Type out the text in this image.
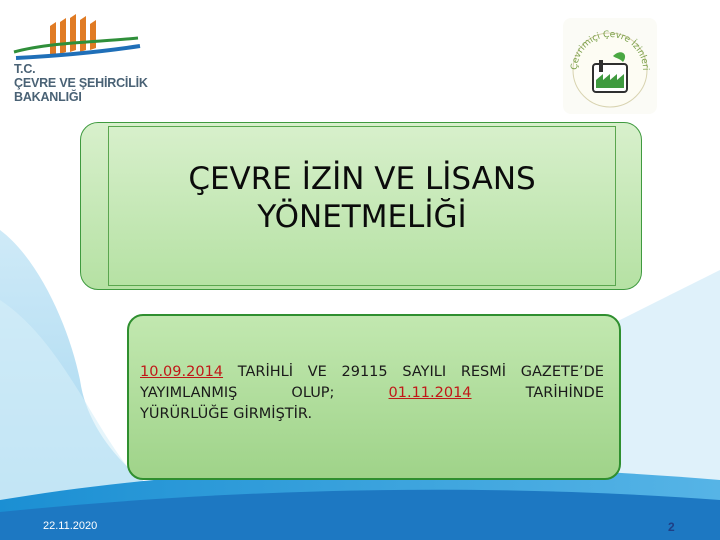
T.C.
ÇEVRE VE ŞEHİRCİLİK
BAKANLIĞI
Çevrimiçi Çevre İzinleri
ÇEVRE İZİN VE LİSANS
YÖNETMELİĞİ
10.09.2014 TARİHLİ VE 29115 SAYILI RESMİ GAZETE’DE
YAYIMLANMIŞ	OLUP;	01.11.2014	TARİHİNDE
YÜRÜRLÜĞE GİRMİŞTİR.
22.11.2020	2
